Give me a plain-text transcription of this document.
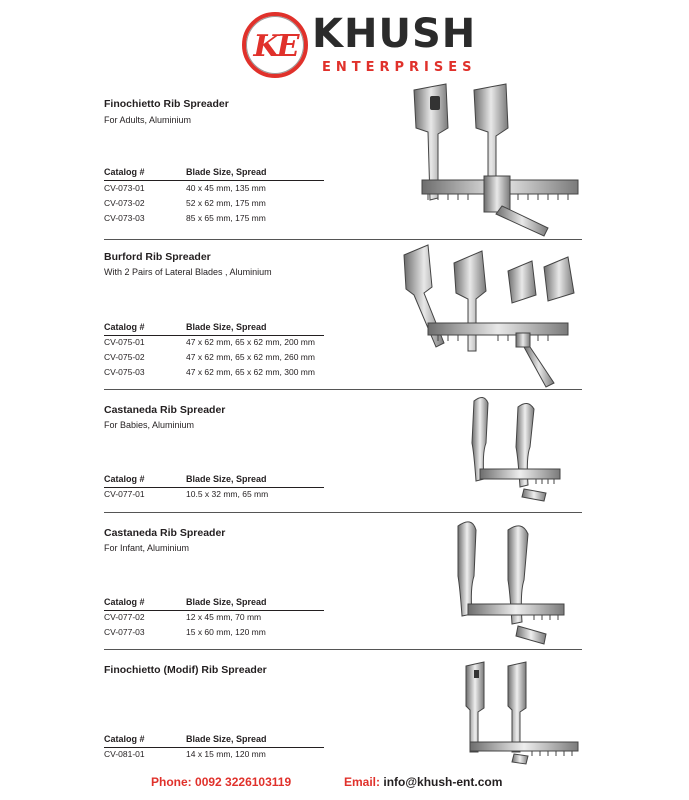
KE KHUSH
ENTERPRISES
Finochietto Rib Spreader
For Adults, Aluminium
Catalog #	Blade Size, Spread
CV-073-01	40 x 45 mm, 135 mm
CV-073-02	52 x 62 mm, 175 mm
CV-073-03	85 x 65 mm, 175 mm
Burford Rib Spreader
With 2 Pairs of Lateral Blades , Aluminium
Catalog #	Blade Size, Spread
CV-075-01	47 x 62 mm, 65 x 62 mm, 200 mm
CV-075-02	47 x 62 mm, 65 x 62 mm, 260 mm
CV-075-03	47 x 62 mm, 65 x 62 mm, 300 mm
Castaneda Rib Spreader
For Babies, Aluminium
Catalog #	Blade Size, Spread
CV-077-01	10.5 x 32 mm, 65 mm
Castaneda Rib Spreader
For Infant, Aluminium
Catalog #	Blade Size, Spread
CV-077-02	12 x 45 mm, 70 mm
CV-077-03	15 x 60 mm, 120 mm
Finochietto (Modif) Rib Spreader
Catalog #	Blade Size, Spread
CV-081-01	14 x 15 mm, 120 mm
Phone: 0092 3226103119	Email: info@khush-ent.com
